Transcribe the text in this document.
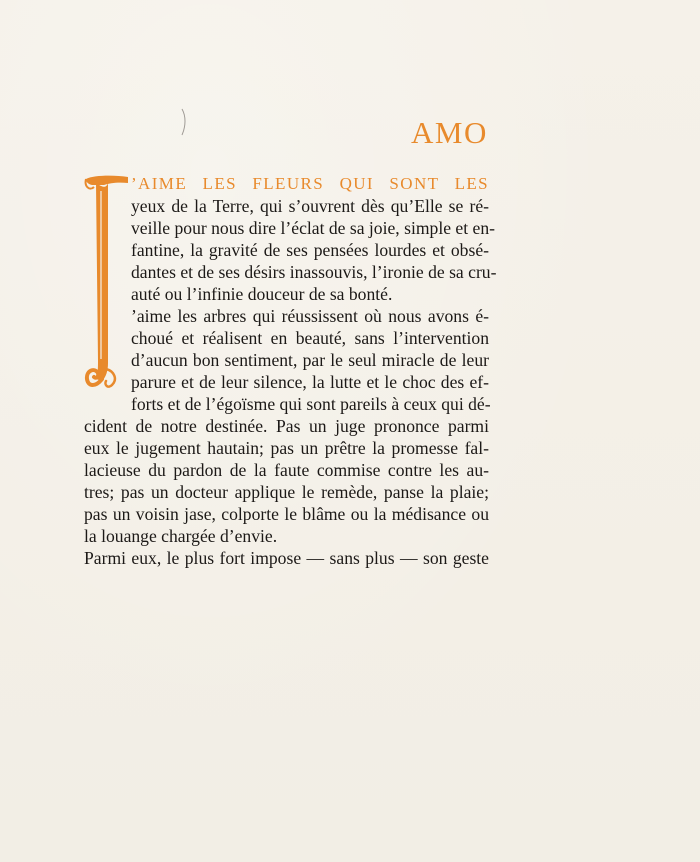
AMO
’AIME LES FLEURS QUI SONT LES
yeux de la Terre, qui s’ouvrent dès qu’Elle se ré-
veille pour nous dire l’éclat de sa joie, simple et en-
fantine, la gravité de ses pensées lourdes et obsé-
dantes et de ses désirs inassouvis, l’ironie de sa cru-
auté ou l’infinie douceur de sa bonté.
’aime les arbres qui réussissent où nous avons é-
choué et réalisent en beauté, sans l’intervention
d’aucun bon sentiment, par le seul miracle de leur
parure et de leur silence, la lutte et le choc des ef-
forts et de l’égoïsme qui sont pareils à ceux qui dé-
cident de notre destinée. Pas un juge prononce parmi
eux le jugement hautain; pas un prêtre la promesse fal-
lacieuse du pardon de la faute commise contre les au-
tres; pas un docteur applique le remède, panse la plaie;
pas un voisin jase, colporte le blâme ou la médisance ou
la louange chargée d’envie.
Parmi eux, le plus fort impose — sans plus — son geste
